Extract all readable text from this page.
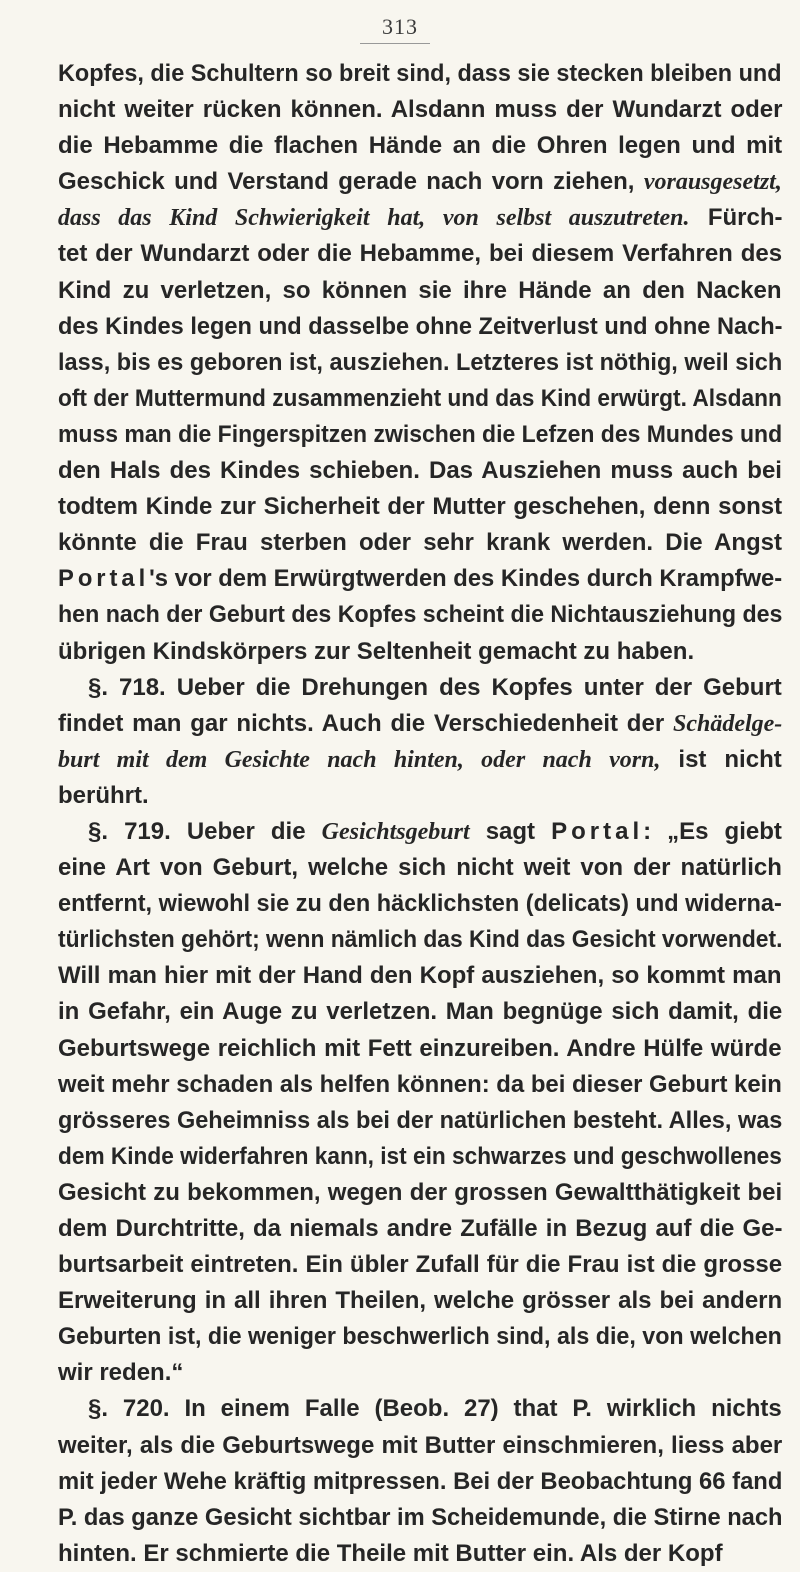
313
Kopfes, die Schultern so breit sind, dass sie stecken bleiben und
nicht weiter rücken können. Alsdann muss der Wundarzt oder
die Hebamme die flachen Hände an die Ohren legen und mit
Geschick und Verstand gerade nach vorn ziehen, vorausgesetzt,
dass das Kind Schwierigkeit hat, von selbst auszutreten. Fürch-
tet der Wundarzt oder die Hebamme, bei diesem Verfahren des
Kind zu verletzen, so können sie ihre Hände an den Nacken
des Kindes legen und dasselbe ohne Zeitverlust und ohne Nach-
lass, bis es geboren ist, ausziehen. Letzteres ist nöthig, weil sich
oft der Muttermund zusammenzieht und das Kind erwürgt. Alsdann
muss man die Fingerspitzen zwischen die Lefzen des Mundes und
den Hals des Kindes schieben. Das Ausziehen muss auch bei
todtem Kinde zur Sicherheit der Mutter geschehen, denn sonst
könnte die Frau sterben oder sehr krank werden. Die Angst
Portal's vor dem Erwürgtwerden des Kindes durch Krampfwe-
hen nach der Geburt des Kopfes scheint die Nichtausziehung des
übrigen Kindskörpers zur Seltenheit gemacht zu haben.
§. 718. Ueber die Drehungen des Kopfes unter der Geburt
findet man gar nichts. Auch die Verschiedenheit der Schädelge-
burt mit dem Gesichte nach hinten, oder nach vorn, ist nicht
berührt.
§. 719. Ueber die Gesichtsgeburt sagt Portal: „Es giebt
eine Art von Geburt, welche sich nicht weit von der natürlich
entfernt, wiewohl sie zu den häcklichsten (delicats) und widerna-
türlichsten gehört; wenn nämlich das Kind das Gesicht vorwendet.
Will man hier mit der Hand den Kopf ausziehen, so kommt man
in Gefahr, ein Auge zu verletzen. Man begnüge sich damit, die
Geburtswege reichlich mit Fett einzureiben. Andre Hülfe würde
weit mehr schaden als helfen können: da bei dieser Geburt kein
grösseres Geheimniss als bei der natürlichen besteht. Alles, was
dem Kinde widerfahren kann, ist ein schwarzes und geschwollenes
Gesicht zu bekommen, wegen der grossen Gewaltthätigkeit bei
dem Durchtritte, da niemals andre Zufälle in Bezug auf die Ge-
burtsarbeit eintreten. Ein übler Zufall für die Frau ist die grosse
Erweiterung in all ihren Theilen, welche grösser als bei andern
Geburten ist, die weniger beschwerlich sind, als die, von welchen
wir reden.“
§. 720. In einem Falle (Beob. 27) that P. wirklich nichts
weiter, als die Geburtswege mit Butter einschmieren, liess aber
mit jeder Wehe kräftig mitpressen. Bei der Beobachtung 66 fand
P. das ganze Gesicht sichtbar im Scheidemunde, die Stirne nach
hinten. Er schmierte die Theile mit Butter ein. Als der Kopf
